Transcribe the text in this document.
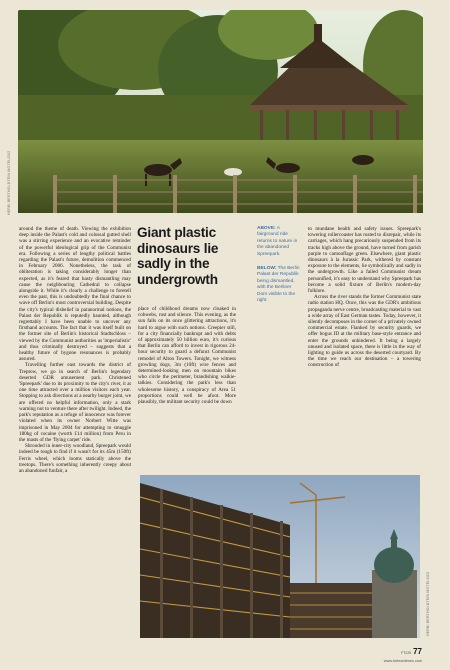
HERBI BERTHOLDTEIN MOTELSSO

around the theme of death. Viewing the exhibition deep inside the Palast's cold and colossal gutted shell was a stirring experience and an evocative reminder of the powerful ideological grip of the Communist era. Following a series of lengthy political battles regarding the Palast's future, demolition commenced in February 2006. Nonetheless, the task of obliteration is taking considerably longer than expected, as it's feared that hasty dismantling may cause the neighbouring Cathedral to collapse alongside it. While it's clearly a challenge to foretell even the past, this is undoubtedly the final chance to wave off Berlin's most controversial building. Despite the city's typical disbelief in paranormal notions, the Palast der Republik is reputedly haunted, although regrettably I have been unable to uncover any firsthand accounts. The fact that it was itself built on the former site of Berlin's historical Stadtschloss – viewed by the Communist authorities as 'imperialistic' and thus criminally destroyed – suggests that a healthy future of bygone resonances is probably assured.

Travelling further east towards the district of Treptow, we go in search of Berlin's legendary deserted GDR amusement park. Christened 'Spreepark' due to its proximity to the city's river, it at one time attracted over a million visitors each year. Stopping to ask directions at a nearby burger joint, we are offered no helpful information, only a stark warning not to venture there after twilight. Indeed, the park's reputation as a refuge of innocence was forever violated when its owner Norbert Witte was imprisoned in May 2004 for attempting to smuggle 180kg of cocaine (worth £14 million) from Peru in the masts of the 'flying carpet' ride.

Shrouded in inner-city woodland, Spreepark would indeed be tough to find if it wasn't for its 45m (150ft) Ferris wheel, which looms statically above the treetops. There's something inherently creepy about an abandoned funfair, a

Giant plastic dinosaurs lie sadly in the undergrowth

place of childhood dreams now cloaked in cobwebs, rust and silence. This evening, as the sun falls on its once glittering attractions, it's hard to argue with such notions. Creepier still, for a city financially bankrupt and with debts of approximately 50 billion euro, it's curious that Berlin can afford to invest in rigorous 24-hour security to guard a defunct Communist remodel of Alton Towers. Tonight, we witness growling dogs, 3m (10ft) wire fences and determined-looking men on mountain bikes who circle the perimeter, brandishing walkie-talkies. Considering the park's less than wholesome history, a conspiracy of Area 51 proportions could well be afoot. More plausibly, the militant security could be down

ABOVE: A fairground ride returns to nature in the abandoned Spreepark.

BELOW: The Berlin Palast der Republik being dismantled, with the Berliner Dom visible to the right.

to mundane health and safety issues. Spreepark's towering rollercoaster has rusted to disrepair, while its carriages, which hang precariously suspended from its tracks high above the ground, have turned from garish purple to camouflage green. Elsewhere, giant plastic dinosaurs à la Jurassic Park, withered by constant exposure to the elements, lie symbolically and sadly in the undergrowth. Like a failed Communist dream personified, it's easy to understand why Spreepark has become a solid fixture of Berlin's modern-day folklore.

Across the river stands the former Communist state radio station HQ. Once, this was the GDR's ambitious propaganda nerve centre, broadcasting material to vast a wide array of East German tastes. Today, however, it silently decomposes in the corner of a privately owned commercial estate. Flanked by security guards, we offer bogus ID at the military base-style entrance and enter the grounds unhindered. It being a largely unused and isolated space, there is little in the way of lighting to guide us across the deserted courtyard. By the time we reach our destination – a towering construction of

HERBI BERTHOLDTEIN MOTELSSO
FT225 77
www.forteantimes.com
